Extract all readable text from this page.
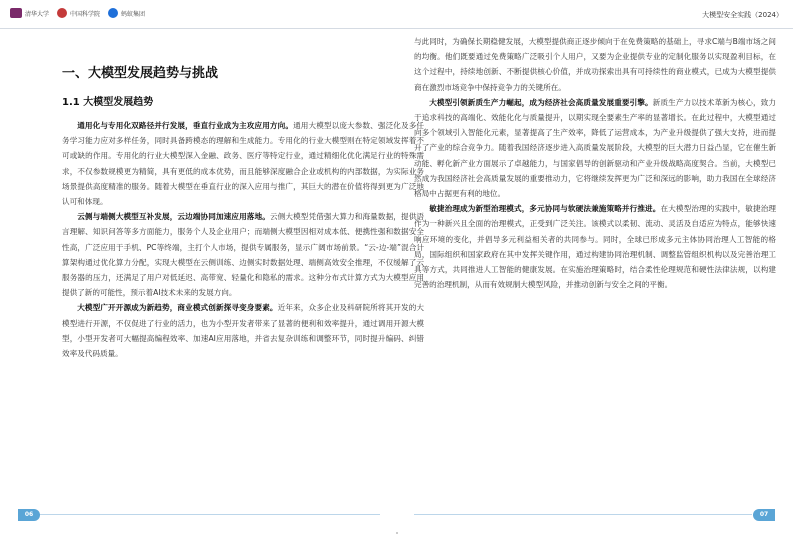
清华大学	中国科学院	蚂蚁集团	大模型安全实践（2024）
一、大模型发展趋势与挑战
1.1 大模型发展趋势

通用化与专用化双路径并行发展，垂直行业成为主攻应用方向。通用大模型以庞大参数、强泛化及多任务学习能力应对多样任务，同时具备跨模态的理解和生成能力。专用化的行业大模型则在特定领域发挥着不可或缺的作用。专用化的行业大模型深入金融、政务、医疗等特定行业，通过精细化优化满足行业的特殊需求，不仅参数规模更为精简，具有更低的成本优势，而且能够深度融合企业或机构的内部数据，为实际业务场景提供高度精准的服务。随着大模型在垂直行业的深入应用与推广，其巨大的潜在价值将得到更为广泛地认可和体现。

云侧与端侧大模型互补发展，云边端协同加速应用落地。云侧大模型凭借强大算力和海量数据，提供语言理解、知识问答等多方面能力，服务个人及企业用户；而端侧大模型因相对成本低、便携性强和数据安全性高，广泛应用于手机、PC等终端，主打个人市场，提供专属服务，显示广阔市场前景。“云-边-端”混合计算架构通过优化算力分配，实现大模型在云侧训练、边侧实时数据处理、端侧高效安全推理，不仅缓解了云服务器的压力，还满足了用户对低延迟、高带宽、轻量化和隐私的需求。这种分布式计算方式为大模型应用提供了新的可能性，预示着AI技术未来的发展方向。

大模型广开开源成为新趋势，商业模式创新探寻变身要素。近年来，众多企业及科研院所将其开发的大模型进行开源，不仅促进了行业的活力，也为小型开发者带来了显著的便利和效率提升，通过调用开源大模型，小型开发者可大幅提高编程效率、加速AI应用落地，并省去复杂训练和调整环节，同时提升编码、纠错效率及代码质量。

与此同时，为确保长期稳健发展，大模型提供商正逐步倾向于在免费策略的基础上，寻求C端与B端市场之间的均衡。他们既要通过免费策略广泛吸引个人用户，又要为企业提供专业的定制化服务以实现盈利目标，在这个过程中，持续地创新、不断提供核心价值，并成功探索出具有可持续性的商业模式，已成为大模型提供商在激烈市场竞争中保持竞争力的关键所在。

大模型引领新质生产力崛起，成为经济社会高质量发展重要引擎。新质生产力以技术革新为核心，致力于追求科技的高端化、效能化化与质量提升，以期实现全要素生产率的显著增长。在此过程中，大模型通过向多个领域引入智能化元素，显著提高了生产效率，降低了运营成本，为产业升级提供了强大支持，进而提升了产业的综合竞争力。随着我国经济逐步进入高质量发展阶段，大模型的巨大潜力日益凸显，它在催生新动能、孵化新产业方面展示了卓越能力，与国家倡导的创新驱动和产业升级战略高度契合。当前，大模型已然成为我国经济社会高质量发展的重要推动力，它将继续发挥更为广泛和深远的影响，助力我国在全球经济格局中占据更有利的地位。

敏捷治理成为新型治理模式，多元协同与软硬法兼施策略并行推进。在大模型治理的实践中，敏捷治理作为一种新兴且全面的治理模式，正受到广泛关注。该模式以柔韧、流动、灵活及自适应为特点，能够快速响应环境的变化，并倡导多元利益相关者的共同参与。同时，全球已形成多元主体协同治理人工智能的格局，国际组织和国家政府在其中发挥关键作用，通过构建协同治理机制、调整监管组织机构以及完善治理工具等方式，共同推进人工智能的健康发展。在实施治理策略时，结合柔性伦理规范和硬性法律法规，以构建完善的治理机制，从而有效规制大模型风险，并推动创新与安全之间的平衡。

06	07
